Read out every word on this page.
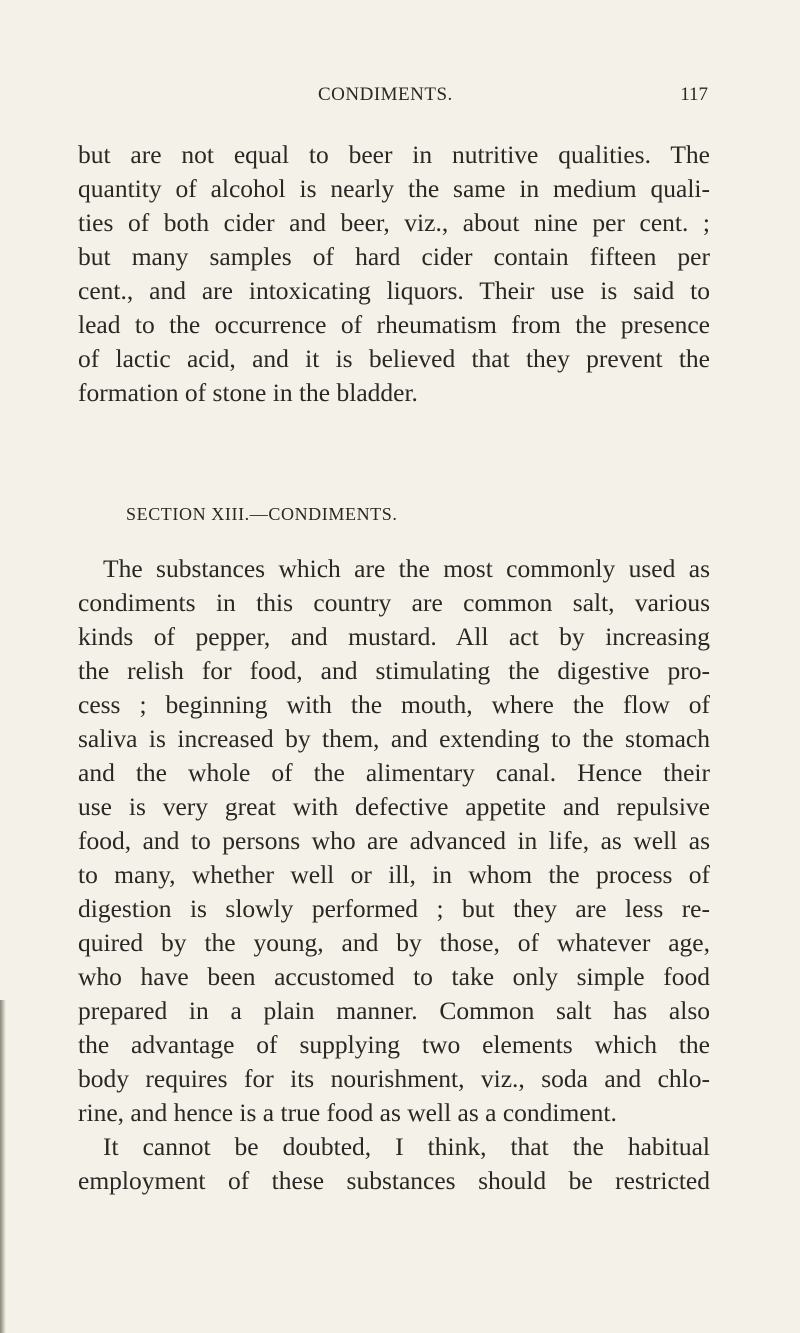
CONDIMENTS.	117
but are not equal to beer in nutritive qualities. The
quantity of alcohol is nearly the same in medium quali-
ties of both cider and beer, viz., about nine per cent. ;
but many samples of hard cider contain fifteen per
cent., and are intoxicating liquors. Their use is said to
lead to the occurrence of rheumatism from the presence
of lactic acid, and it is believed that they prevent the
formation of stone in the bladder.
SECTION XIII.—CONDIMENTS.
The substances which are the most commonly used as
condiments in this country are common salt, various
kinds of pepper, and mustard. All act by increasing
the relish for food, and stimulating the digestive pro-
cess ; beginning with the mouth, where the flow of
saliva is increased by them, and extending to the stomach
and the whole of the alimentary canal. Hence their
use is very great with defective appetite and repulsive
food, and to persons who are advanced in life, as well as
to many, whether well or ill, in whom the process of
digestion is slowly performed ; but they are less re-
quired by the young, and by those, of whatever age,
who have been accustomed to take only simple food
prepared in a plain manner. Common salt has also
the advantage of supplying two elements which the
body requires for its nourishment, viz., soda and chlo-
rine, and hence is a true food as well as a condiment.
It cannot be doubted, I think, that the habitual
employment of these substances should be restricted
